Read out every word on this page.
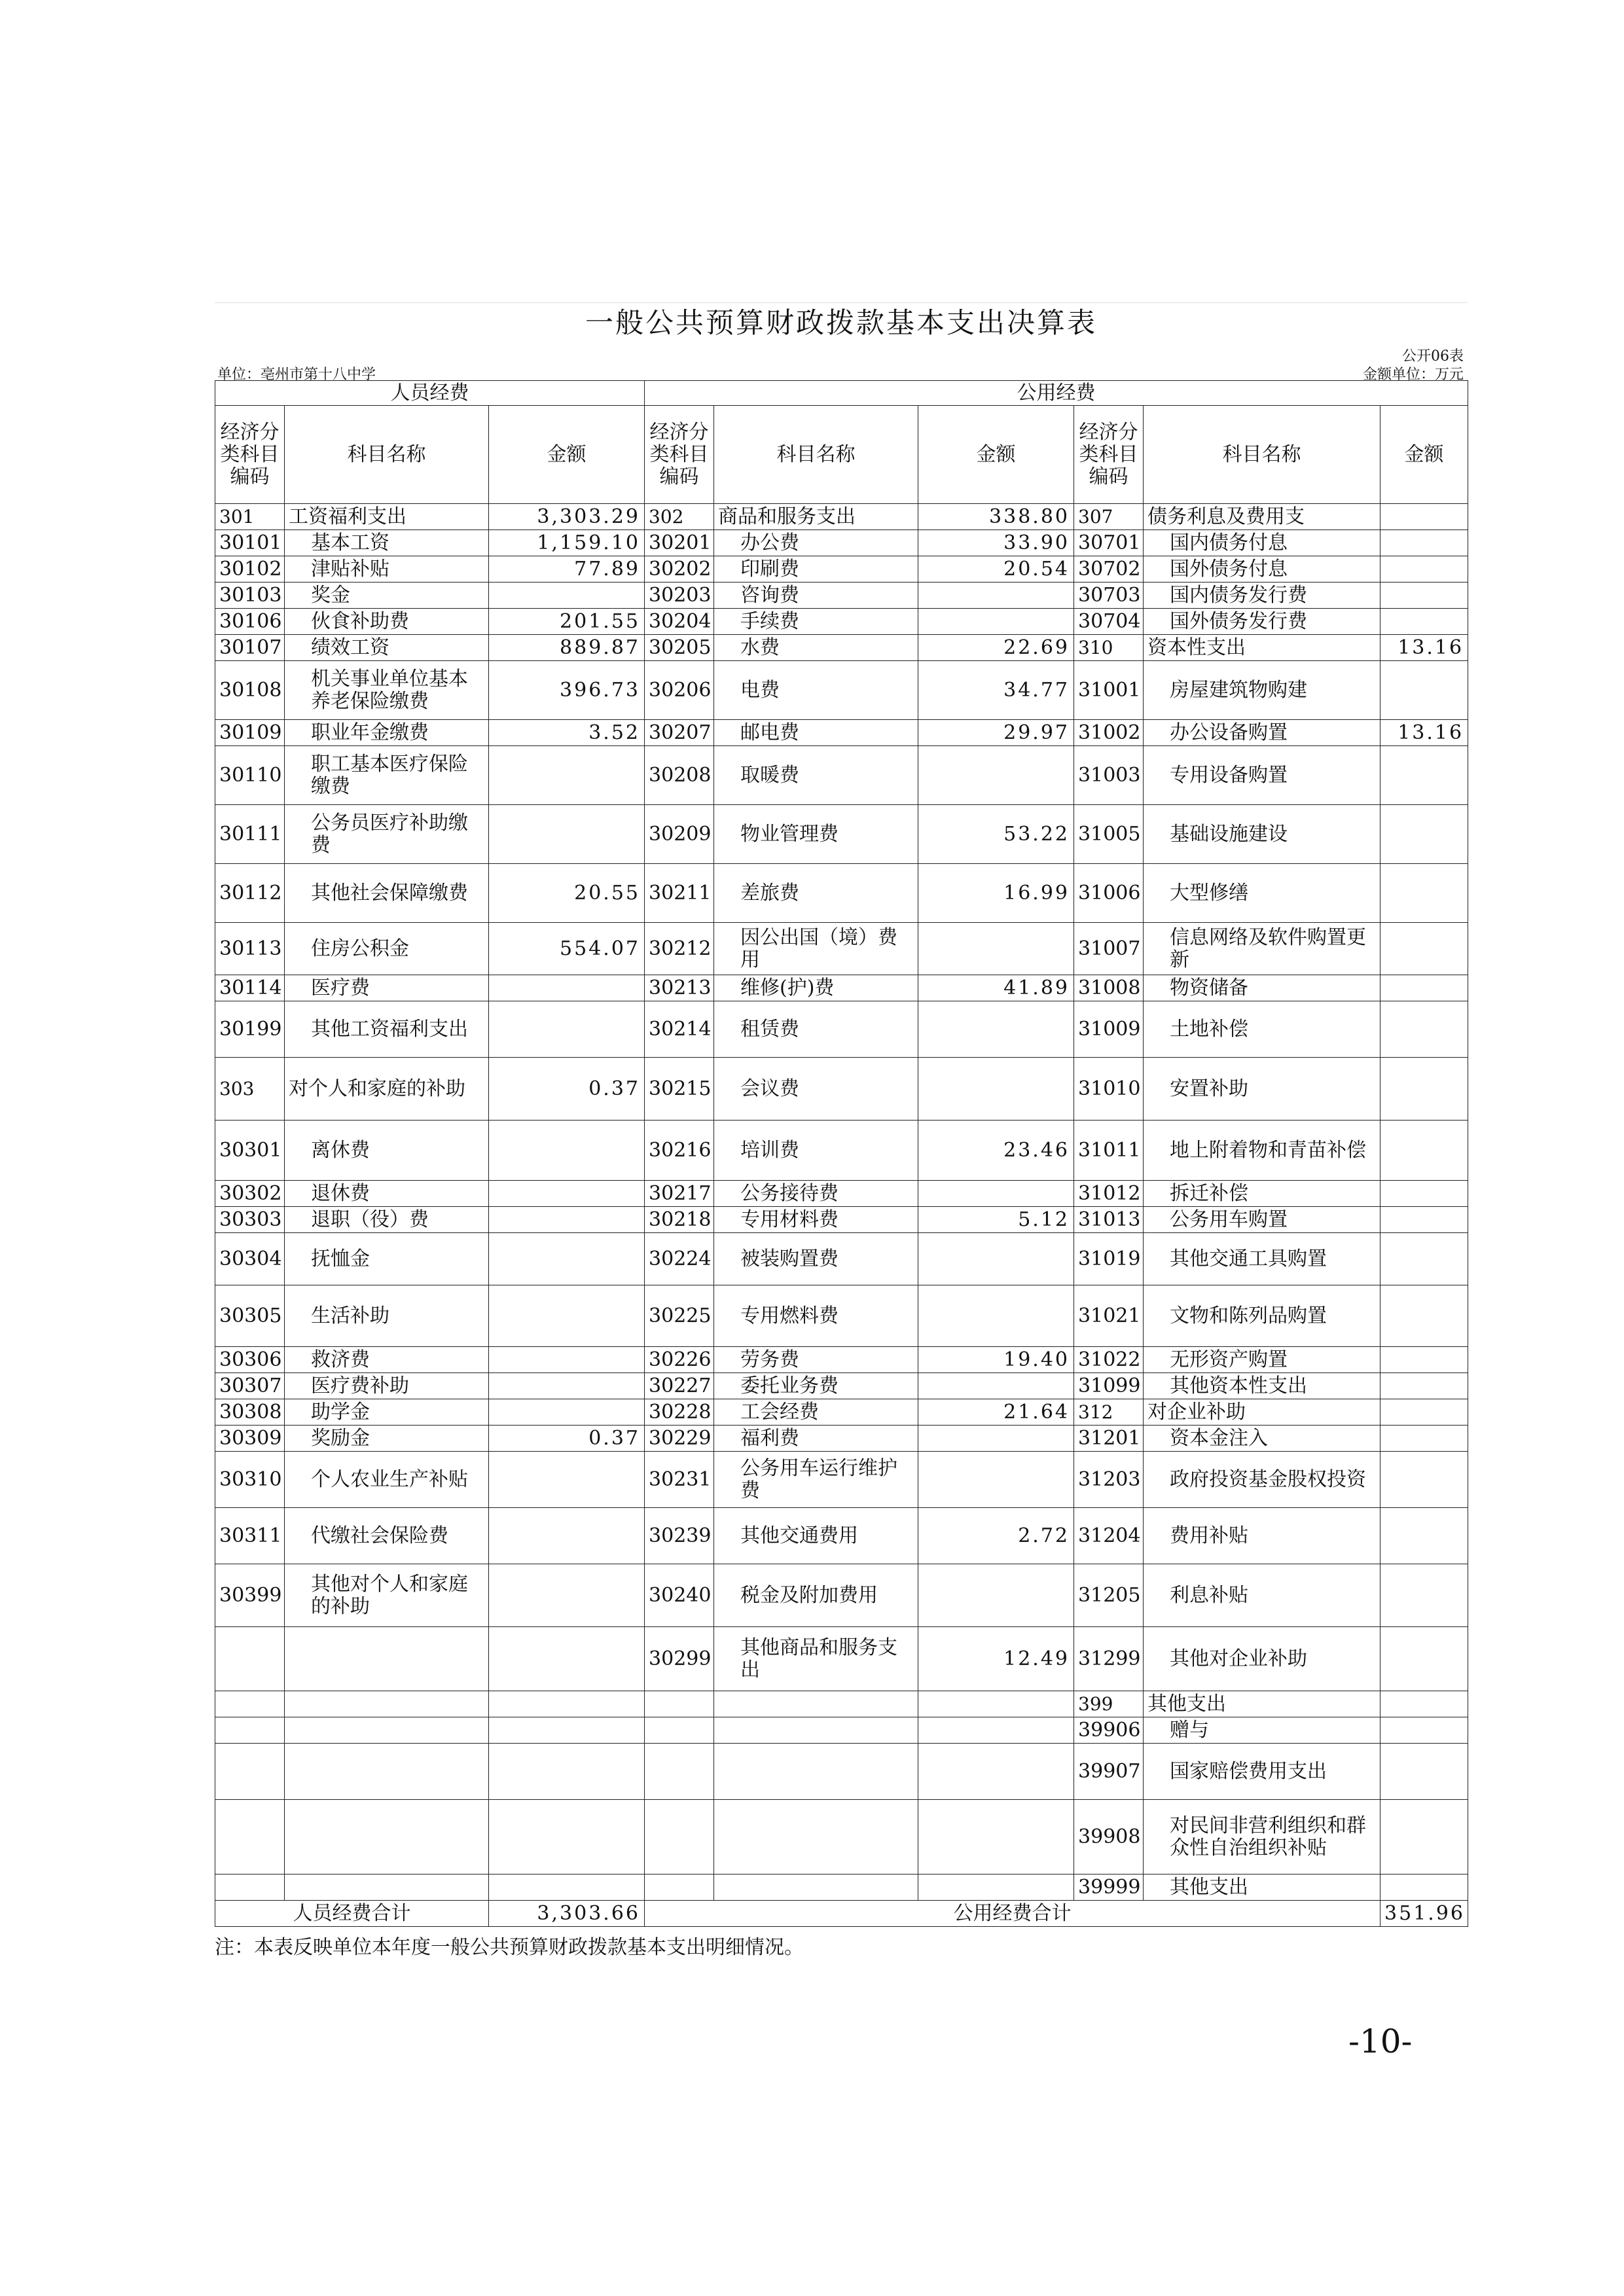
一般公共预算财政拨款基本支出决算表
公开06表
单位：亳州市第十八中学	金额单位：万元
人员经费			公用经费					
经济分类科目编码	科目名称	金额	经济分类科目编码	科目名称	金额	经济分类科目编码	科目名称	金额
301	工资福利支出	3,303.29	302	商品和服务支出	338.80	307	债务利息及费用支	
30101	基本工资	1,159.10	30201	办公费	33.90	30701	国内债务付息	
30102	津贴补贴	77.89	30202	印刷费	20.54	30702	国外债务付息	
30103	奖金		30203	咨询费		30703	国内债务发行费	
30106	伙食补助费	201.55	30204	手续费		30704	国外债务发行费	
30107	绩效工资	889.87	30205	水费	22.69	310	资本性支出	13.16
30108	机关事业单位基本养老保险缴费	396.73	30206	电费	34.77	31001	房屋建筑物购建	
30109	职业年金缴费	3.52	30207	邮电费	29.97	31002	办公设备购置	13.16
30110	职工基本医疗保险缴费		30208	取暖费		31003	专用设备购置	
30111	公务员医疗补助缴费		30209	物业管理费	53.22	31005	基础设施建设	
30112	其他社会保障缴费	20.55	30211	差旅费	16.99	31006	大型修缮	
30113	住房公积金	554.07	30212	因公出国（境）费用		31007	信息网络及软件购置更新	
30114	医疗费		30213	维修(护)费	41.89	31008	物资储备	
30199	其他工资福利支出		30214	租赁费		31009	土地补偿	
303	对个人和家庭的补助	0.37	30215	会议费		31010	安置补助	
30301	离休费		30216	培训费	23.46	31011	地上附着物和青苗补偿	
30302	退休费		30217	公务接待费		31012	拆迁补偿	
30303	退职（役）费		30218	专用材料费	5.12	31013	公务用车购置	
30304	抚恤金		30224	被装购置费		31019	其他交通工具购置	
30305	生活补助		30225	专用燃料费		31021	文物和陈列品购置	
30306	救济费		30226	劳务费	19.40	31022	无形资产购置	
30307	医疗费补助		30227	委托业务费		31099	其他资本性支出	
30308	助学金		30228	工会经费	21.64	312	对企业补助	
30309	奖励金	0.37	30229	福利费		31201	资本金注入	
30310	个人农业生产补贴		30231	公务用车运行维护费		31203	政府投资基金股权投资	
30311	代缴社会保险费		30239	其他交通费用	2.72	31204	费用补贴	
30399	其他对个人和家庭的补助		30240	税金及附加费用		31205	利息补贴	
			30299	其他商品和服务支出	12.49	31299	其他对企业补助	
						399	其他支出	
						39906	赠与	
						39907	国家赔偿费用支出	
						39908	对民间非营利组织和群众性自治组织补贴	
						39999	其他支出	
人员经费合计		3,303.66	公用经费合计					351.96
注：本表反映单位本年度一般公共预算财政拨款基本支出明细情况。
-10-
